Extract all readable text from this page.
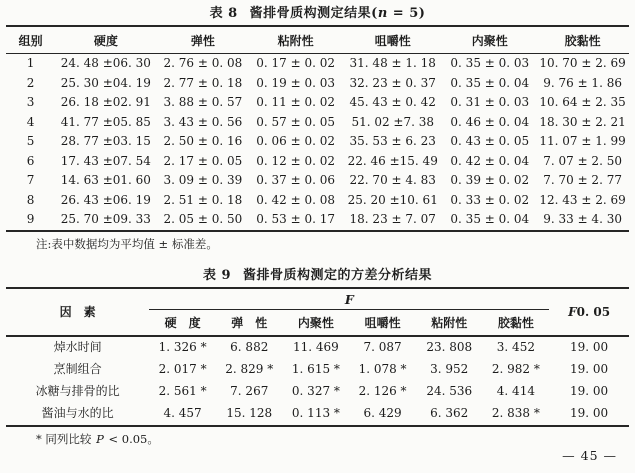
表 8 酱排骨质构测定结果(n = 5)
组别	硬度	弹性	粘附性	咀嚼性	内聚性	胶黏性
1	24. 48 ±06. 30	2. 76 ± 0. 08	0. 17 ± 0. 02	31. 48 ± 1. 18	0. 35 ± 0. 03	10. 70 ± 2. 69
2	25. 30 ±04. 19	2. 77 ± 0. 18	0. 19 ± 0. 03	32. 23 ± 0. 37	0. 35 ± 0. 04	9. 76 ± 1. 86
3	26. 18 ±02. 91	3. 88 ± 0. 57	0. 11 ± 0. 02	45. 43 ± 0. 42	0. 31 ± 0. 03	10. 64 ± 2. 35
4	41. 77 ±05. 85	3. 43 ± 0. 56	0. 57 ± 0. 05	51. 02 ±7. 38	0. 46 ± 0. 04	18. 30 ± 2. 21
5	28. 77 ±03. 15	2. 50 ± 0. 16	0. 06 ± 0. 02	35. 53 ± 6. 23	0. 43 ± 0. 05	11. 07 ± 1. 99
6	17. 43 ±07. 54	2. 17 ± 0. 05	0. 12 ± 0. 02	22. 46 ±15. 49	0. 42 ± 0. 04	7. 07 ± 2. 50
7	14. 63 ±01. 60	3. 09 ± 0. 39	0. 37 ± 0. 06	22. 70 ± 4. 83	0. 39 ± 0. 02	7. 70 ± 2. 77
8	26. 43 ±06. 19	2. 51 ± 0. 18	0. 42 ± 0. 08	25. 20 ±10. 61	0. 33 ± 0. 02	12. 43 ± 2. 69
9	25. 70 ±09. 33	2. 05 ± 0. 50	0. 53 ± 0. 17	18. 23 ± 7. 07	0. 35 ± 0. 04	9. 33 ± 4. 30
注:表中数据均为平均值 ± 标准差。
表 9 酱排骨质构测定的方差分析结果
因　素	F						F0. 05
	硬　度	弹　性	内聚性	咀嚼性	粘附性	胶黏性	
焯水时间	1. 326 *	6. 882	11. 469	7. 087	23. 808	3. 452	19. 00
烹制组合	2. 017 *	2. 829 *	1. 615 *	1. 078 *	3. 952	2. 982 *	19. 00
冰糖与排骨的比	2. 561 *	7. 267	0. 327 *	2. 126 *	24. 536	4. 414	19. 00
酱油与水的比	4. 457	15. 128	0. 113 *	6. 429	6. 362	2. 838 *	19. 00
* 同列比较 P < 0.05。
— 45 —
